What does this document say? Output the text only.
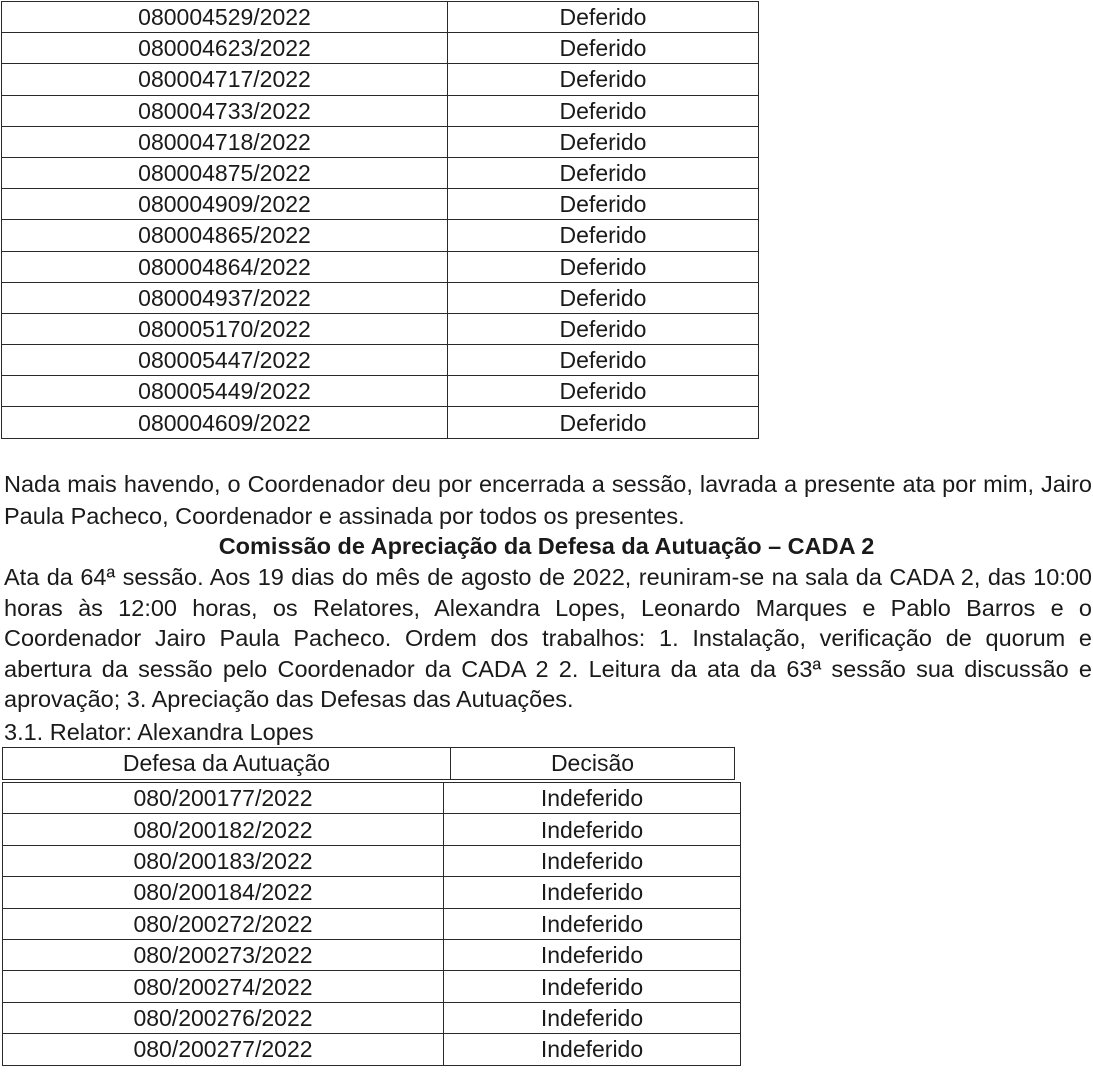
080004529/2022	Deferido
080004623/2022	Deferido
080004717/2022	Deferido
080004733/2022	Deferido
080004718/2022	Deferido
080004875/2022	Deferido
080004909/2022	Deferido
080004865/2022	Deferido
080004864/2022	Deferido
080004937/2022	Deferido
080005170/2022	Deferido
080005447/2022	Deferido
080005449/2022	Deferido
080004609/2022	Deferido

Nada mais havendo, o Coordenador deu por encerrada a sessão, lavrada a presente ata por mim, Jairo Paula Pacheco, Coordenador e assinada por todos os presentes.

Comissão de Apreciação da Defesa da Autuação – CADA 2

Ata da 64ª sessão. Aos 19 dias do mês de agosto de 2022, reuniram-se na sala da CADA 2, das 10:00 horas às 12:00 horas, os Relatores, Alexandra Lopes, Leonardo Marques e Pablo Barros e o Coordenador Jairo Paula Pacheco. Ordem dos trabalhos: 1. Instalação, verificação de quorum e abertura da sessão pelo Coordenador da CADA 2 2. Leitura da ata da 63ª sessão sua discussão e aprovação; 3. Apreciação das Defesas das Autuações.

3.1. Relator: Alexandra Lopes

Defesa da Autuação	Decisão
080/200177/2022	Indeferido
080/200182/2022	Indeferido
080/200183/2022	Indeferido
080/200184/2022	Indeferido
080/200272/2022	Indeferido
080/200273/2022	Indeferido
080/200274/2022	Indeferido
080/200276/2022	Indeferido
080/200277/2022	Indeferido
